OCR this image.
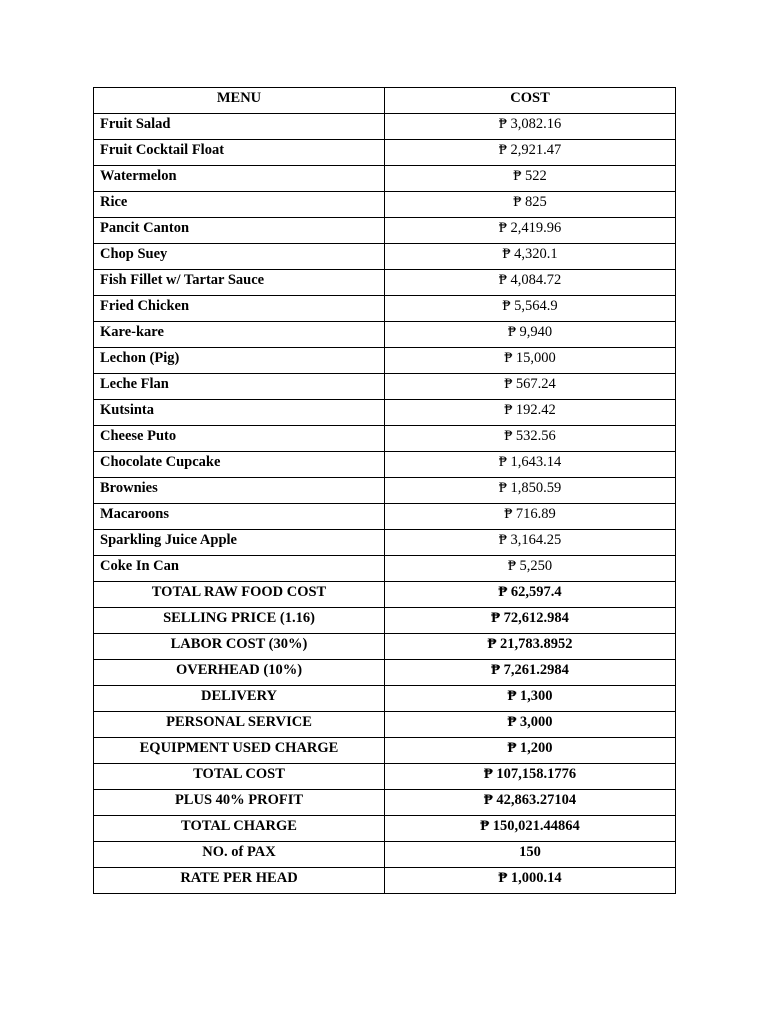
MENU	COST
Fruit Salad	₱ 3,082.16
Fruit Cocktail Float	₱ 2,921.47
Watermelon	₱ 522
Rice	₱ 825
Pancit Canton	₱ 2,419.96
Chop Suey	₱ 4,320.1
Fish Fillet w/ Tartar Sauce	₱ 4,084.72
Fried Chicken	₱ 5,564.9
Kare-kare	₱ 9,940
Lechon (Pig)	₱ 15,000
Leche Flan	₱ 567.24
Kutsinta	₱ 192.42
Cheese Puto	₱ 532.56
Chocolate Cupcake	₱ 1,643.14
Brownies	₱ 1,850.59
Macaroons	₱ 716.89
Sparkling Juice Apple	₱ 3,164.25
Coke In Can	₱ 5,250
TOTAL RAW FOOD COST	₱ 62,597.4
SELLING PRICE (1.16)	₱ 72,612.984
LABOR COST (30%)	₱ 21,783.8952
OVERHEAD (10%)	₱ 7,261.2984
DELIVERY	₱ 1,300
PERSONAL SERVICE	₱ 3,000
EQUIPMENT USED CHARGE	₱ 1,200
TOTAL COST	₱ 107,158.1776
PLUS 40% PROFIT	₱ 42,863.27104
TOTAL CHARGE	₱ 150,021.44864
NO. of PAX	150
RATE PER HEAD	₱ 1,000.14
